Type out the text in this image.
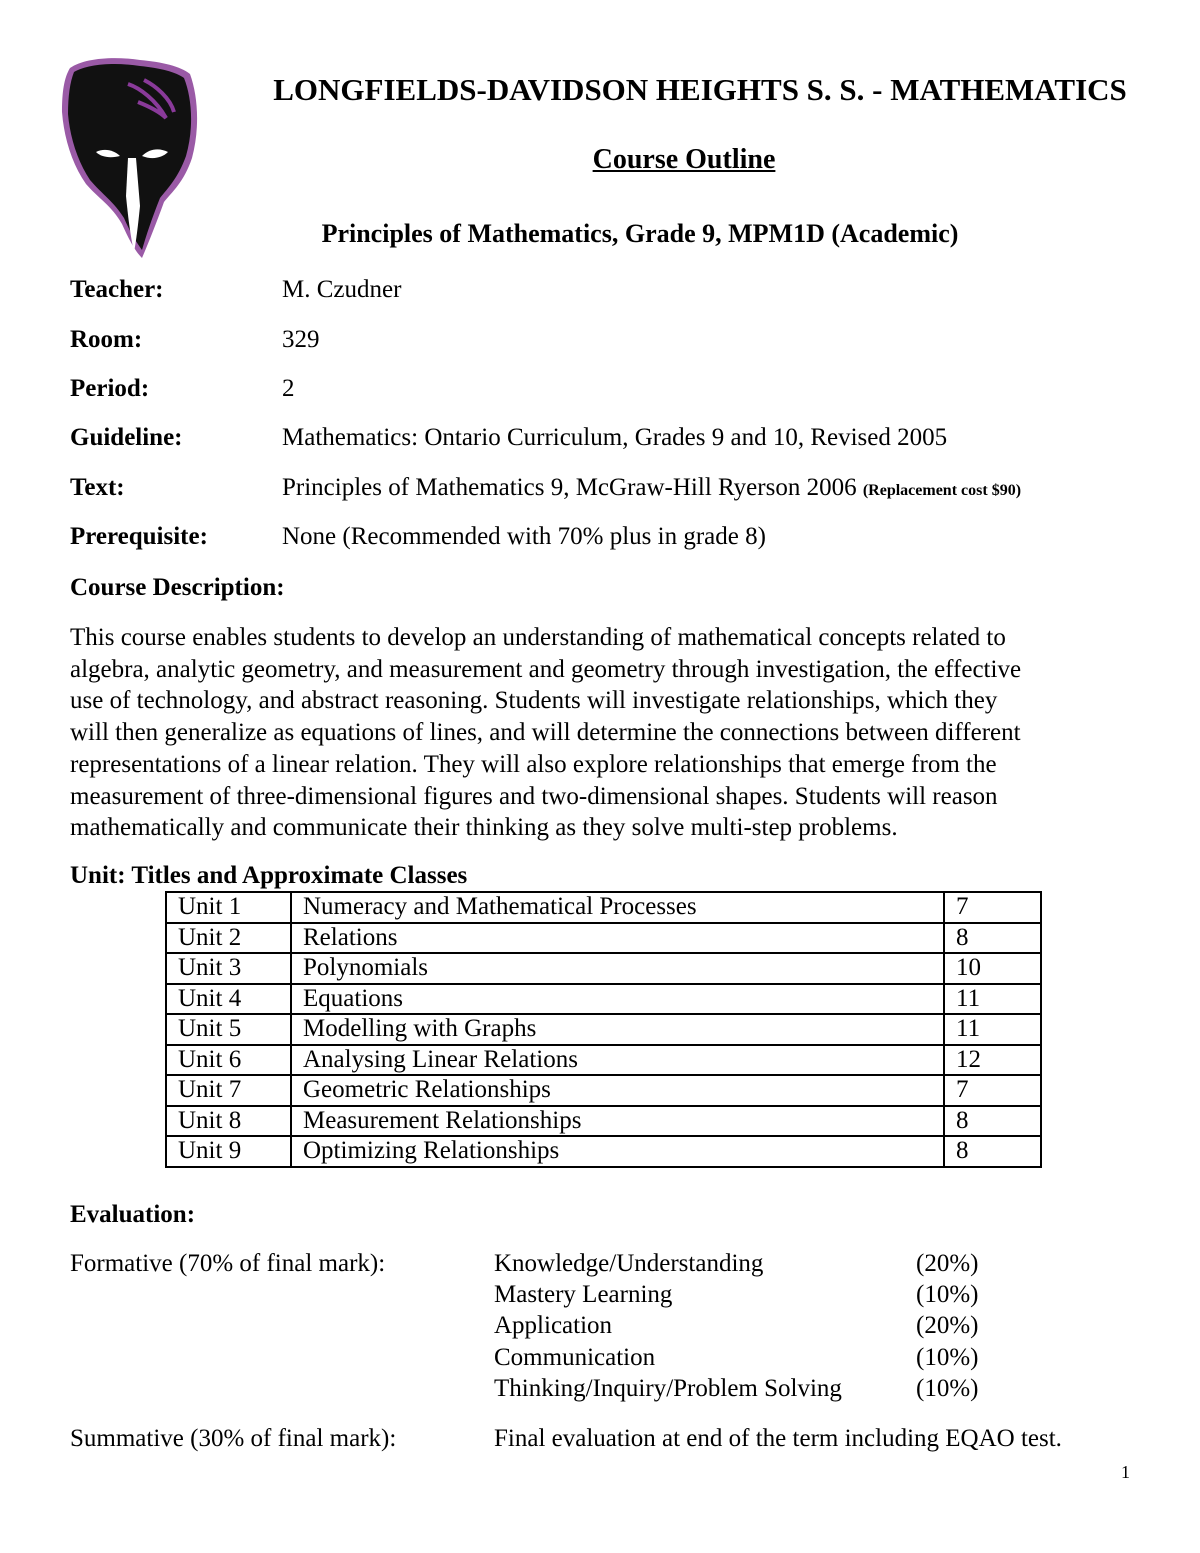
LONGFIELDS-DAVIDSON HEIGHTS S. S. - MATHEMATICS
Course Outline
Principles of Mathematics, Grade 9, MPM1D (Academic)
Teacher:	M. Czudner
Room:	329
Period:	2
Guideline:	Mathematics: Ontario Curriculum, Grades 9 and 10, Revised 2005
Text:	Principles of Mathematics 9, McGraw-Hill Ryerson 2006 (Replacement cost $90)
Prerequisite:	None (Recommended with 70% plus in grade 8)
Course Description:
This course enables students to develop an understanding of mathematical concepts related to
algebra, analytic geometry, and measurement and geometry through investigation, the effective
use of technology, and abstract reasoning. Students will investigate relationships, which they
will then generalize as equations of lines, and will determine the connections between different
representations of a linear relation. They will also explore relationships that emerge from the
measurement of three-dimensional figures and two-dimensional shapes. Students will reason
mathematically and communicate their thinking as they solve multi-step problems.
Unit: Titles and Approximate Classes
Unit 1	Numeracy and Mathematical Processes	7
Unit 2	Relations	8
Unit 3	Polynomials	10
Unit 4	Equations	11
Unit 5	Modelling with Graphs	11
Unit 6	Analysing Linear Relations	12
Unit 7	Geometric Relationships	7
Unit 8	Measurement Relationships	8
Unit 9	Optimizing Relationships	8
Evaluation:
Formative (70% of final mark):	Knowledge/Understanding	(20%)
Mastery Learning	(10%)
Application	(20%)
Communication	(10%)
Thinking/Inquiry/Problem Solving	(10%)
Summative (30% of final mark):	Final evaluation at end of the term including EQAO test.
1
